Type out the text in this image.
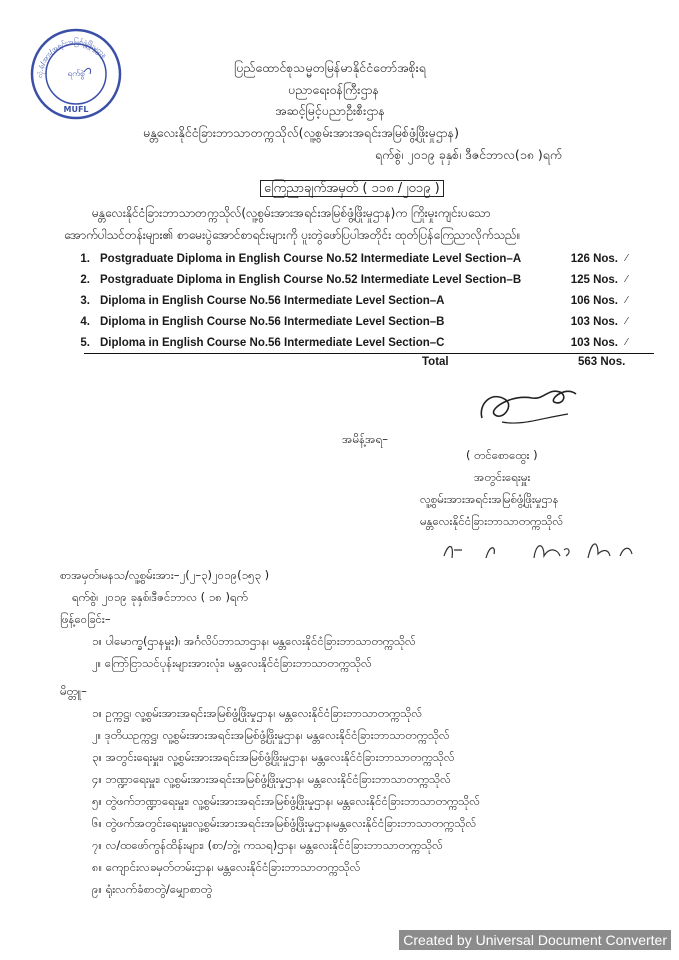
လုံ.စုံ/အား/အရင်းအမြစ်ဖွံ့ဖြိုးမှုဌာန
ရက်စွဲ
MUFL
ပြည်ထောင်စုသမ္မတမြန်မာနိုင်ငံတော်အစိုးရ
ပညာရေးဝန်ကြီးဌာန
အဆင့်မြင့်ပညာဦးစီးဌာန
မန္တလေးနိုင်ငံခြားဘာသာတက္ကသိုလ်(လူ့စွမ်းအားအရင်းအမြစ်ဖွံ့ဖြိုးမှုဌာန)
ရက်စွဲ၊ ၂၀၁၉ ခုနှစ်၊ ဒီဇင်ဘာလ(၁၈ )ရက်
ကြေညာချက်အမှတ် ( ၁၁၈ /၂၀၁၉ )
မန္တလေးနိုင်ငံခြားဘာသာတက္ကသိုလ်(လူ့စွမ်းအားအရင်းအမြစ်ဖွံ့ဖြိုးမှုဌာန)က ကြိုးမှုးကျင်းပသော
အောက်ပါသင်တန်းများ၏ စာမေးပွဲအောင်စာရင်းများကို ပူးတွဲဖော်ပြပါအတိုင်း ထုတ်ပြန်ကြေညာလိုက်သည်။
1.	Postgraduate Diploma in English Course No.52 Intermediate Level Section–A	126 Nos.	⁄
2.	Postgraduate Diploma in English Course No.52 Intermediate Level Section–B	125 Nos.	⁄
3.	Diploma in English Course No.56 Intermediate Level Section–A	106 Nos.	⁄
4.	Diploma in English Course No.56 Intermediate Level Section–B	103 Nos.	⁄
5.	Diploma in English Course No.56 Intermediate Level Section–C	103 Nos.	⁄
Total	563 Nos.
အမိန့်အရ–
( တင်စောထွေး )
အတွင်းရေးမှူး
လူ့စွမ်းအားအရင်းအမြစ်ဖွံ့ဖြိုးမှုဌာန
မန္တလေးနိုင်ငံခြားဘာသာတက္ကသိုလ်
စာအမှတ်၊မနသ/လူ့စွမ်းအား–၂(၂–၃)၂၀၁၉(၁၅၃ )
ရက်စွဲ၊ ၂၀၁၉ ခုနှစ်၊ဒီဇင်ဘာလ ( ၁၈ )ရက်
ဖြန့်ဝေခြင်း–
၁။ ပါမောက္ခ(ဌာနမှူး)၊ အင်္ဂလိပ်ဘာသာဌာန၊ မန္တလေးနိုင်ငံခြားဘာသာတက္ကသိုလ်
၂။ ကြော်ငြာသင်ပုန်းများအားလုံး၊ မန္တလေးနိုင်ငံခြားဘာသာတက္ကသိုလ်
မိတ္တူ–
၁။ ဥက္ကဋ္ဌ၊ လူ့စွမ်းအားအရင်းအမြစ်ဖွံ့ဖြိုးမှုဌာန၊ မန္တလေးနိုင်ငံခြားဘာသာတက္ကသိုလ်
၂။ ဒုတိယဥက္ကဋ္ဌ၊ လူ့စွမ်းအားအရင်းအမြစ်ဖွံ့ဖြိုးမှုဌာန၊ မန္တလေးနိုင်ငံခြားဘာသာတက္ကသိုလ်
၃။ အတွင်းရေးမှူး၊ လူ့စွမ်းအားအရင်းအမြစ်ဖွံ့ဖြိုးမှုဌာန၊ မန္တလေးနိုင်ငံခြားဘာသာတက္ကသိုလ်
၄။ ဘဏ္ဍာရေးမှူး၊ လူ့စွမ်းအားအရင်းအမြစ်ဖွံ့ဖြိုးမှုဌာန၊ မန္တလေးနိုင်ငံခြားဘာသာတက္ကသိုလ်
၅။ တွဲဖက်ဘဏ္ဍာရေးမှူး၊ လူ့စွမ်းအားအရင်းအမြစ်ဖွံ့ဖြိုးမှုဌာန၊ မန္တလေးနိုင်ငံခြားဘာသာတက္ကသိုလ်
၆။ တွဲဖက်အတွင်းရေးမှူး၊လူ့စွမ်းအားအရင်းအမြစ်ဖွံ့ဖြိုးမှုဌာန၊မန္တလေးနိုင်ငံခြားဘာသာတက္ကသိုလ်
၇။ လ/ထဖော်ကွန်ထိန်းများ၊ (စာ/ဘွဲ့၊ ကသရ)ဌာန၊ မန္တလေးနိုင်ငံခြားဘာသာတက္ကသိုလ်
၈။ ကျောင်းလခမှတ်တမ်းဌာန၊ မန္တလေးနိုင်ငံခြားဘာသာတက္ကသိုလ်
၉။ ရုံးလက်ခံစာတွဲ/မျှောစာတွဲ
Created by Universal Document Converter
